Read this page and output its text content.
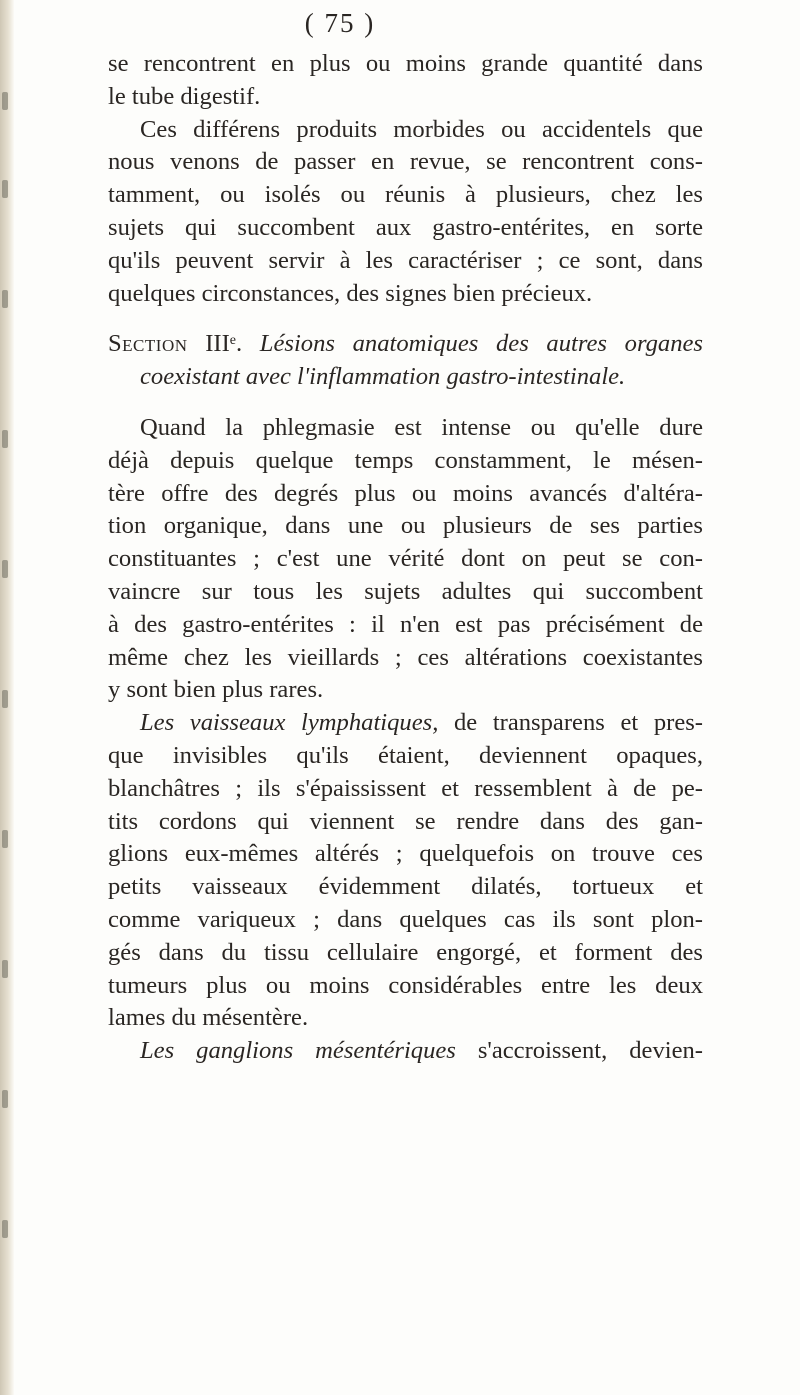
( 75 )
se rencontrent en plus ou moins grande quantité dans
le tube digestif.
Ces différens produits morbides ou accidentels que
nous venons de passer en revue, se rencontrent cons-
tamment, ou isolés ou réunis à plusieurs, chez les
sujets qui succombent aux gastro-entérites, en sorte
qu'ils peuvent servir à les caractériser ; ce sont, dans
quelques circonstances, des signes bien précieux.
Section IIIe. Lésions anatomiques des autres organes
coexistant avec l'inflammation gastro-intestinale.
Quand la phlegmasie est intense ou qu'elle dure
déjà depuis quelque temps constamment, le mésen-
tère offre des degrés plus ou moins avancés d'altéra-
tion organique, dans une ou plusieurs de ses parties
constituantes ; c'est une vérité dont on peut se con-
vaincre sur tous les sujets adultes qui succombent
à des gastro-entérites : il n'en est pas précisément de
même chez les vieillards ; ces altérations coexistantes
y sont bien plus rares.
Les vaisseaux lymphatiques, de transparens et pres-
que invisibles qu'ils étaient, deviennent opaques,
blanchâtres ; ils s'épaississent et ressemblent à de pe-
tits cordons qui viennent se rendre dans des gan-
glions eux-mêmes altérés ; quelquefois on trouve ces
petits vaisseaux évidemment dilatés, tortueux et
comme variqueux ; dans quelques cas ils sont plon-
gés dans du tissu cellulaire engorgé, et forment des
tumeurs plus ou moins considérables entre les deux
lames du mésentère.
Les ganglions mésentériques s'accroissent, devien-
